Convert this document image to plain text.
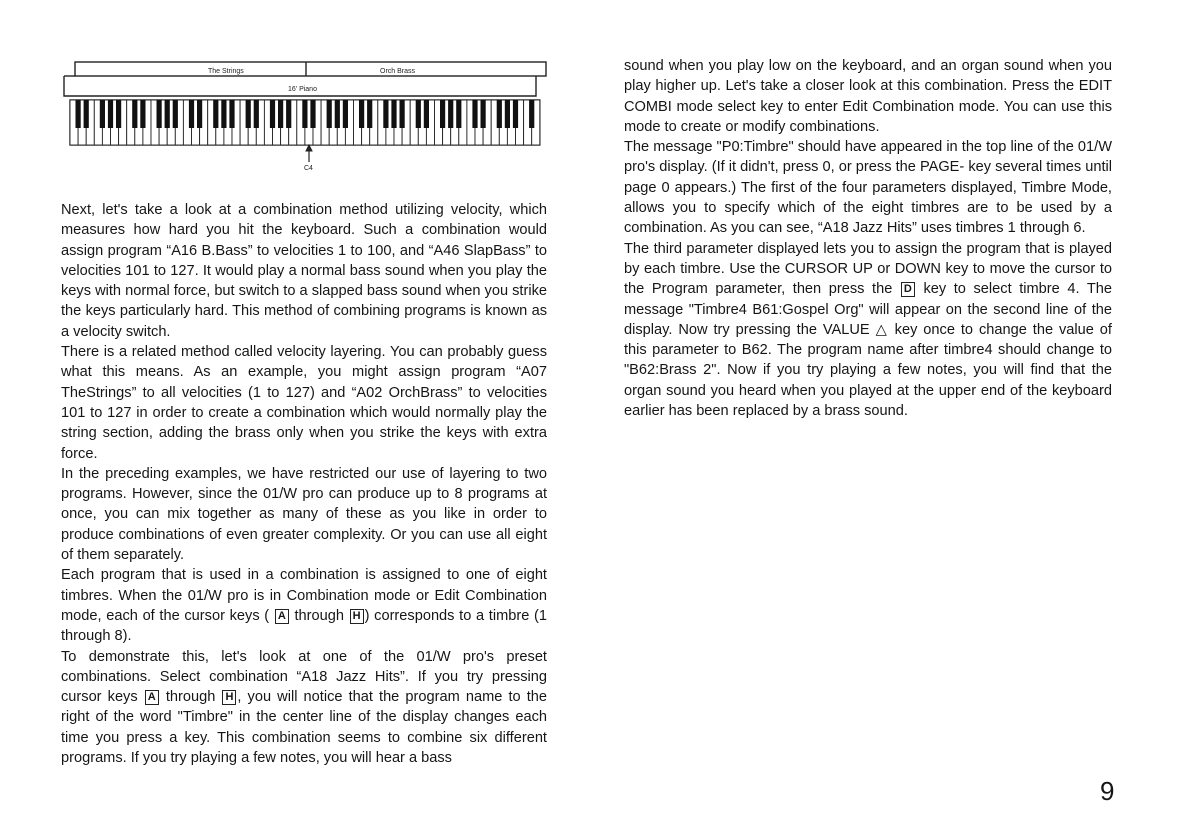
The Strings	Orch Brass
16' Piano
C4

Next, let's take a look at a combination method utilizing velocity, which measures how hard you hit the keyboard. Such a combination would assign program “A16 B.Bass” to velocities 1 to 100, and “A46 SlapBass” to velocities 101 to 127. It would play a normal bass sound when you play the keys with normal force, but switch to a slapped bass sound when you strike the keys particularly hard. This method of combining programs is known as a velocity switch.

There is a related method called velocity layering. You can probably guess what this means. As an example, you might assign program “A07 TheStrings” to all velocities (1 to 127) and “A02 OrchBrass” to velocities 101 to 127 in order to create a combination which would normally play the string section, adding the brass only when you strike the keys with extra force.

In the preceding examples, we have restricted our use of layering to two programs. However, since the 01/W pro can produce up to 8 programs at once, you can mix together as many of these as you like in order to produce combinations of even greater complexity. Or you can use all eight of them separately.

Each program that is used in a combination is assigned to one of eight timbres. When the 01/W pro is in Combination mode or Edit Combination mode, each of the cursor keys ( A through H ) corresponds to a timbre (1 through 8).

To demonstrate this, let's look at one of the 01/W pro's preset combinations. Select combination “A18 Jazz Hits”. If you try pressing cursor keys A through H , you will notice that the program name to the right of the word "Timbre" in the center line of the display changes each time you press a key. This combination seems to combine six different programs. If you try playing a few notes, you will hear a bass

sound when you play low on the keyboard, and an organ sound when you play higher up. Let's take a closer look at this combination. Press the EDIT COMBI mode select key to enter Edit Combination mode. You can use this mode to create or modify combinations.

The message "P0:Timbre" should have appeared in the top line of the 01/W pro's display. (If it didn't, press 0, or press the PAGE- key several times until page 0 appears.) The first of the four parameters displayed, Timbre Mode, allows you to specify which of the eight timbres are to be used by a combination. As you can see, “A18 Jazz Hits” uses timbres 1 through 6.

The third parameter displayed lets you to assign the program that is played by each timbre. Use the CURSOR UP or DOWN key to move the cursor to the Program parameter, then press the D key to select timbre 4. The message "Timbre4 B61:Gospel Org" will appear on the second line of the display. Now try pressing the VALUE △ key once to change the value of this parameter to B62. The program name after timbre4 should change to "B62:Brass 2". Now if you try playing a few notes, you will find that the organ sound you heard when you played at the upper end of the keyboard earlier has been replaced by a brass sound.

9
